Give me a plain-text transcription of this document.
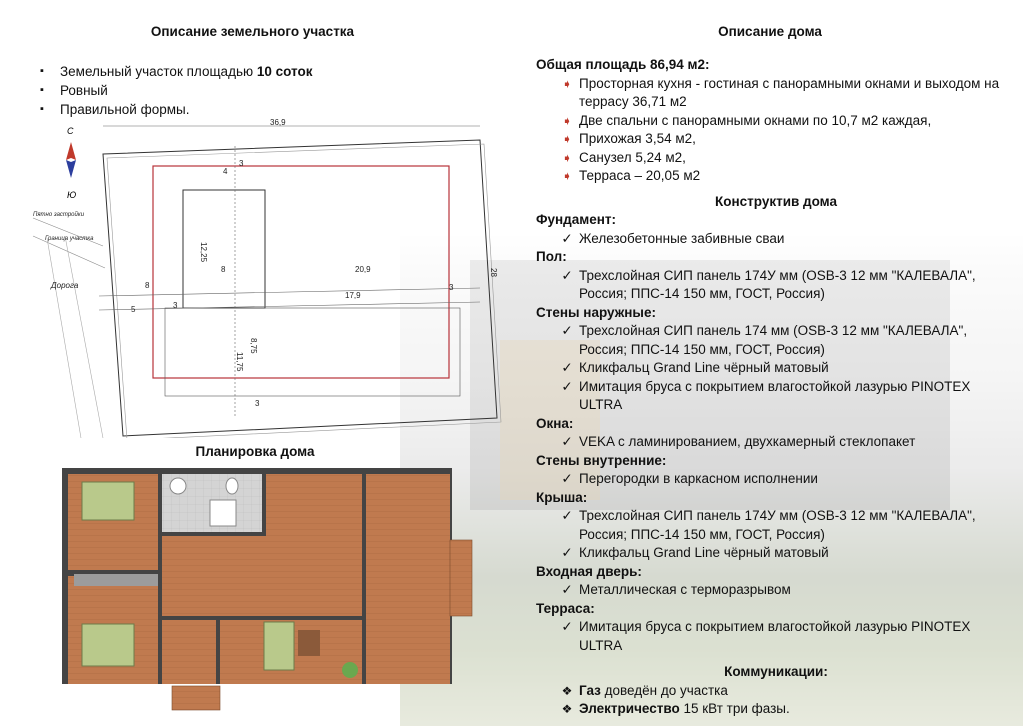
Описание земельного участка
▪ Земельный участок площадью 10 соток
▪ Ровный
▪ Правильной формы.
С
Ю
36,9
28
3
4
12,25
8
8	20,9
5	3
17,9
3
8,75
11,75
3
Пятно застройки
Граница участка
Дорога
Планировка дома
Описание дома
Общая площадь 86,94 м2:
➧ Просторная кухня - гостиная с панорамными окнами и выходом на террасу 36,71 м2
➧ Две спальни с панорамными окнами по 10,7 м2 каждая,
➧ Прихожая 3,54 м2,
➧ Санузел 5,24 м2,
➧ Терраса – 20,05 м2
Конструктив дома
Фундамент:
✓ Железобетонные забивные сваи
Пол:
✓ Трехслойная СИП панель 174У мм (OSB-3 12 мм "КАЛЕВАЛА", Россия; ППС-14 150 мм, ГОСТ, Россия)
Стены наружные:
✓ Трехслойная СИП панель 174 мм (OSB-3 12 мм "КАЛЕВАЛА", Россия; ППС-14 150 мм, ГОСТ, Россия)
✓ Кликфальц Grand Line чёрный матовый
✓ Имитация бруса с покрытием влагостойкой лазурью PINOTEX ULTRA
Окна:
✓ VEKA с ламинированием, двухкамерный стеклопакет
Стены внутренние:
✓ Перегородки в каркасном исполнении
Крыша:
✓ Трехслойная СИП панель 174У мм (OSB-3 12 мм "КАЛЕВАЛА", Россия; ППС-14 150 мм, ГОСТ, Россия)
✓ Кликфальц Grand Line чёрный матовый
Входная дверь:
✓ Металлическая с терморазрывом
Терраса:
✓ Имитация бруса с покрытием влагостойкой лазурью PINOTEX ULTRA
Коммуникации:
❖ Газ доведён до участка
❖ Электричество 15 кВт три фазы.
